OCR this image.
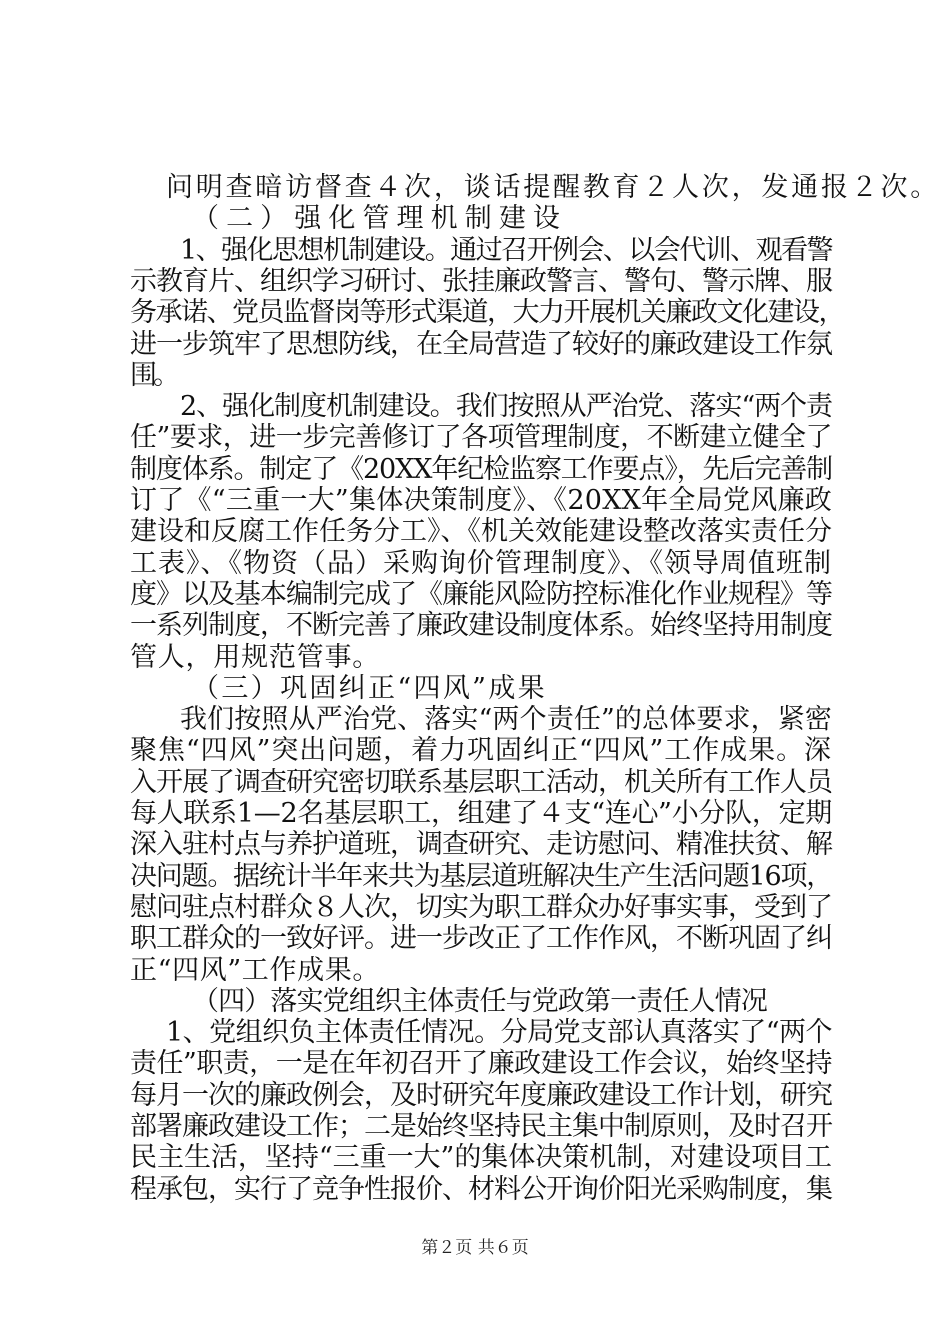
问明查暗访督查４次，谈话提醒教育２人次，发通报２次。
（二）强化管理机制建设
1、强化思想机制建设。通过召开例会、以会代训、观看警
示教育片、组织学习研讨、张挂廉政警言、警句、警示牌、服
务承诺、党员监督岗等形式渠道，大力开展机关廉政文化建设，
进一步筑牢了思想防线，在全局营造了较好的廉政建设工作氛
围。
2、强化制度机制建设。我们按照从严治党、落实“两个责
任”要求，进一步完善修订了各项管理制度，不断建立健全了
制度体系。制定了《20XX年纪检监察工作要点》，先后完善制
订了《“三重一大”集体决策制度》、《20XX年全局党风廉政
建设和反腐工作任务分工》、《机关效能建设整改落实责任分
工表》、《物资（品）采购询价管理制度》、《领导周值班制
度》以及基本编制完成了《廉能风险防控标准化作业规程》等
一系列制度，不断完善了廉政建设制度体系。始终坚持用制度
管人，用规范管事。
（三）巩固纠正“四风”成果
我们按照从严治党、落实“两个责任”的总体要求，紧密
聚焦“四风”突出问题，着力巩固纠正“四风”工作成果。深
入开展了调查研究密切联系基层职工活动，机关所有工作人员
每人联系1—2名基层职工，组建了４支“连心”小分队，定期
深入驻村点与养护道班，调查研究、走访慰问、精准扶贫、解
决问题。据统计半年来共为基层道班解决生产生活问题16项，
慰问驻点村群众８人次，切实为职工群众办好事实事，受到了
职工群众的一致好评。进一步改正了工作作风，不断巩固了纠
正“四风”工作成果。
（四）落实党组织主体责任与党政第一责任人情况
1、党组织负主体责任情况。分局党支部认真落实了“两个
责任”职责，一是在年初召开了廉政建设工作会议，始终坚持
每月一次的廉政例会，及时研究年度廉政建设工作计划，研究
部署廉政建设工作；二是始终坚持民主集中制原则，及时召开
民主生活，坚持“三重一大”的集体决策机制，对建设项目工
程承包，实行了竞争性报价、材料公开询价阳光采购制度，集
第２页 共６页
